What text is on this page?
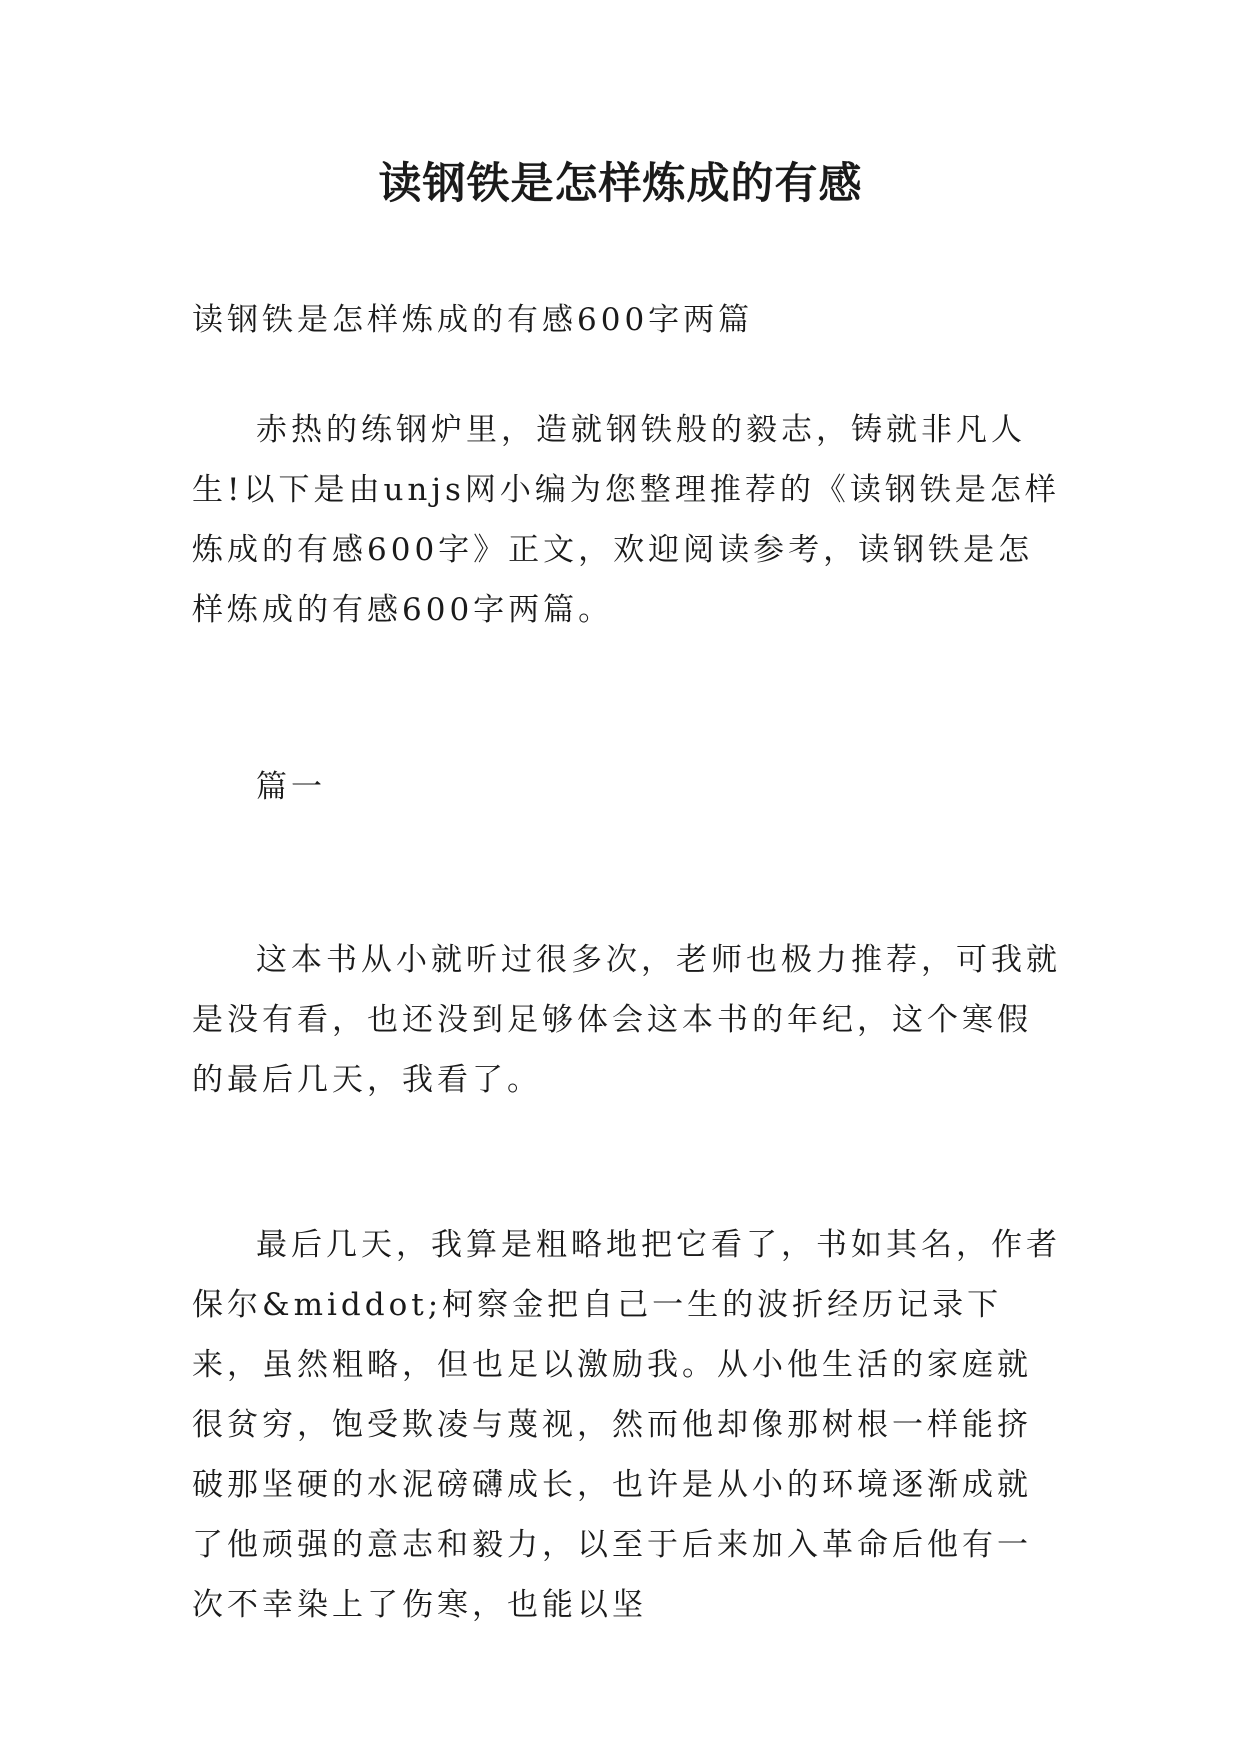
读钢铁是怎样炼成的有感

读钢铁是怎样炼成的有感600字两篇

赤热的练钢炉里，造就钢铁般的毅志，铸就非凡人生!以下是由unjs网小编为您整理推荐的《读钢铁是怎样炼成的有感600字》正文，欢迎阅读参考，读钢铁是怎样炼成的有感600字两篇。

篇一

这本书从小就听过很多次，老师也极力推荐，可我就是没有看，也还没到足够体会这本书的年纪，这个寒假的最后几天，我看了。

最后几天，我算是粗略地把它看了，书如其名，作者保尔&middot;柯察金把自己一生的波折经历记录下来，虽然粗略，但也足以激励我。从小他生活的家庭就很贫穷，饱受欺凌与蔑视，然而他却像那树根一样能挤破那坚硬的水泥磅礴成长，也许是从小的环境逐渐成就了他顽强的意志和毅力，以至于后来加入革命后他有一次不幸染上了伤寒，也能以坚
